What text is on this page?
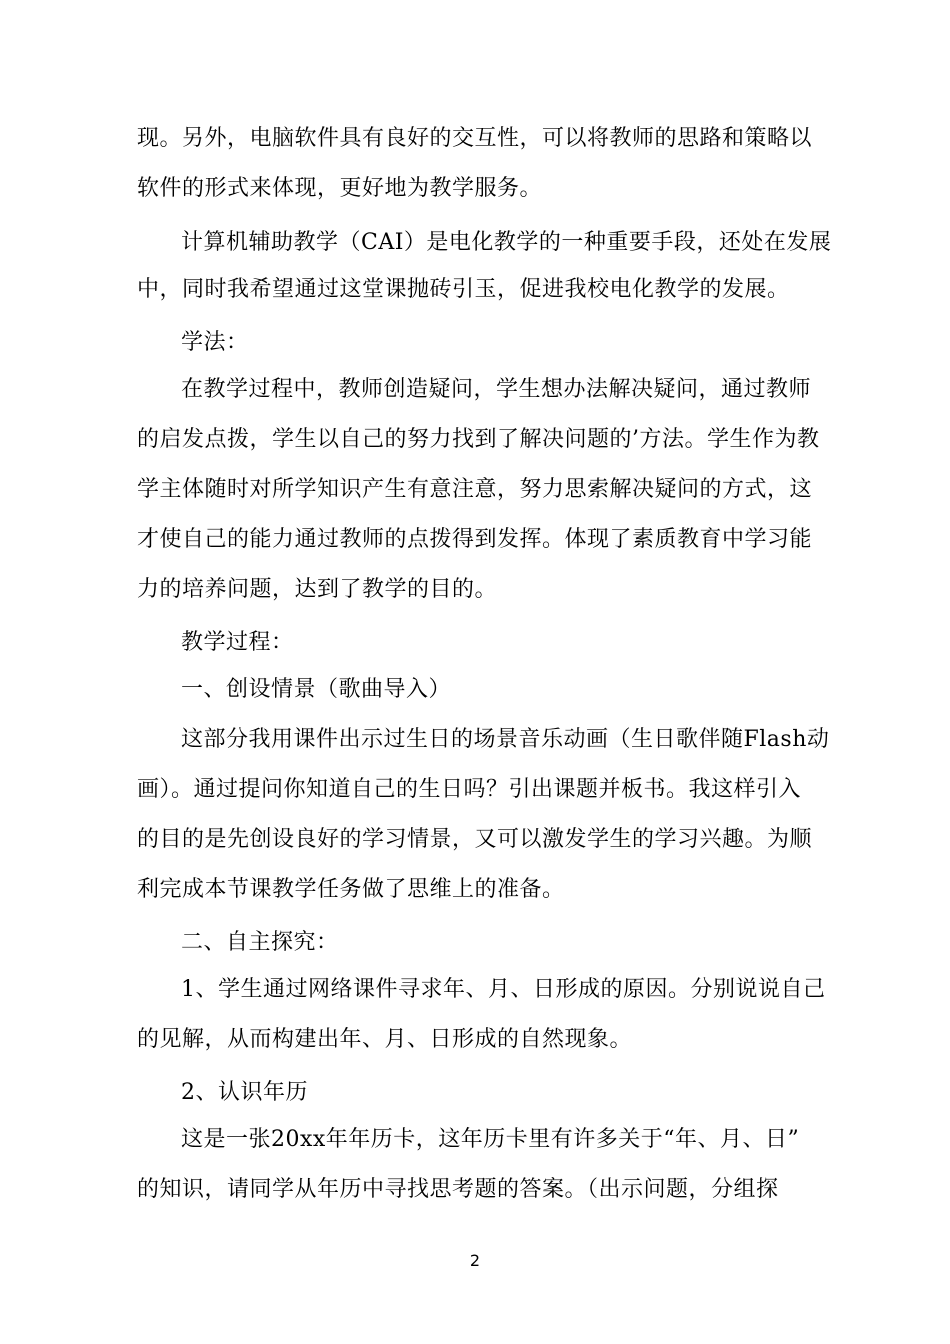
现。另外，电脑软件具有良好的交互性，可以将教师的思路和策略以
软件的形式来体现，更好地为教学服务。
计算机辅助教学（CAI）是电化教学的一种重要手段，还处在发展
中，同时我希望通过这堂课抛砖引玉，促进我校电化教学的发展。
学法：
在教学过程中，教师创造疑问，学生想办法解决疑问，通过教师
的启发点拨，学生以自己的努力找到了解决问题的’方法。学生作为教
学主体随时对所学知识产生有意注意，努力思索解决疑问的方式，这
才使自己的能力通过教师的点拨得到发挥。体现了素质教育中学习能
力的培养问题，达到了教学的目的。
教学过程：
一、创设情景（歌曲导入）
这部分我用课件出示过生日的场景音乐动画（生日歌伴随Flash动
画）。通过提问你知道自己的生日吗？引出课题并板书。我这样引入
的目的是先创设良好的学习情景，又可以激发学生的学习兴趣。为顺
利完成本节课教学任务做了思维上的准备。
二、自主探究：
1、学生通过网络课件寻求年、月、日形成的原因。分别说说自己
的见解，从而构建出年、月、日形成的自然现象。
2、认识年历
这是一张20xx年年历卡，这年历卡里有许多关于“年、月、日”
的知识，请同学从年历中寻找思考题的答案。（出示问题，分组探
2
